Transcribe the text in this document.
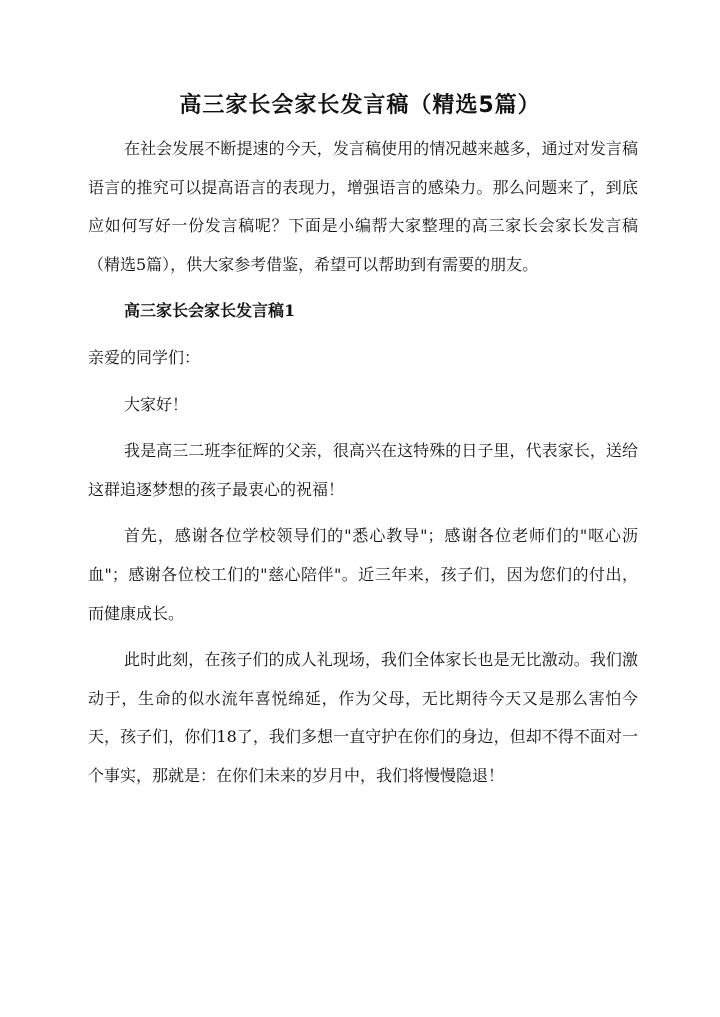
高三家长会家长发言稿（精选5篇）

在社会发展不断提速的今天，发言稿使用的情况越来越多，通过对发言稿语言的推究可以提高语言的表现力，增强语言的感染力。那么问题来了，到底应如何写好一份发言稿呢？下面是小编帮大家整理的高三家长会家长发言稿（精选5篇），供大家参考借鉴，希望可以帮助到有需要的朋友。

高三家长会家长发言稿1

亲爱的同学们：

大家好！

我是高三二班李征辉的父亲，很高兴在这特殊的日子里，代表家长，送给这群追逐梦想的孩子最衷心的祝福！

首先，感谢各位学校领导们的"悉心教导"；感谢各位老师们的"呕心沥血"；感谢各位校工们的"慈心陪伴"。近三年来，孩子们，因为您们的付出，而健康成长。

此时此刻，在孩子们的成人礼现场，我们全体家长也是无比激动。我们激动于，生命的似水流年喜悦绵延，作为父母，无比期待今天又是那么害怕今天，孩子们，你们18了，我们多想一直守护在你们的身边，但却不得不面对一个事实，那就是：在你们未来的岁月中，我们将慢慢隐退！
